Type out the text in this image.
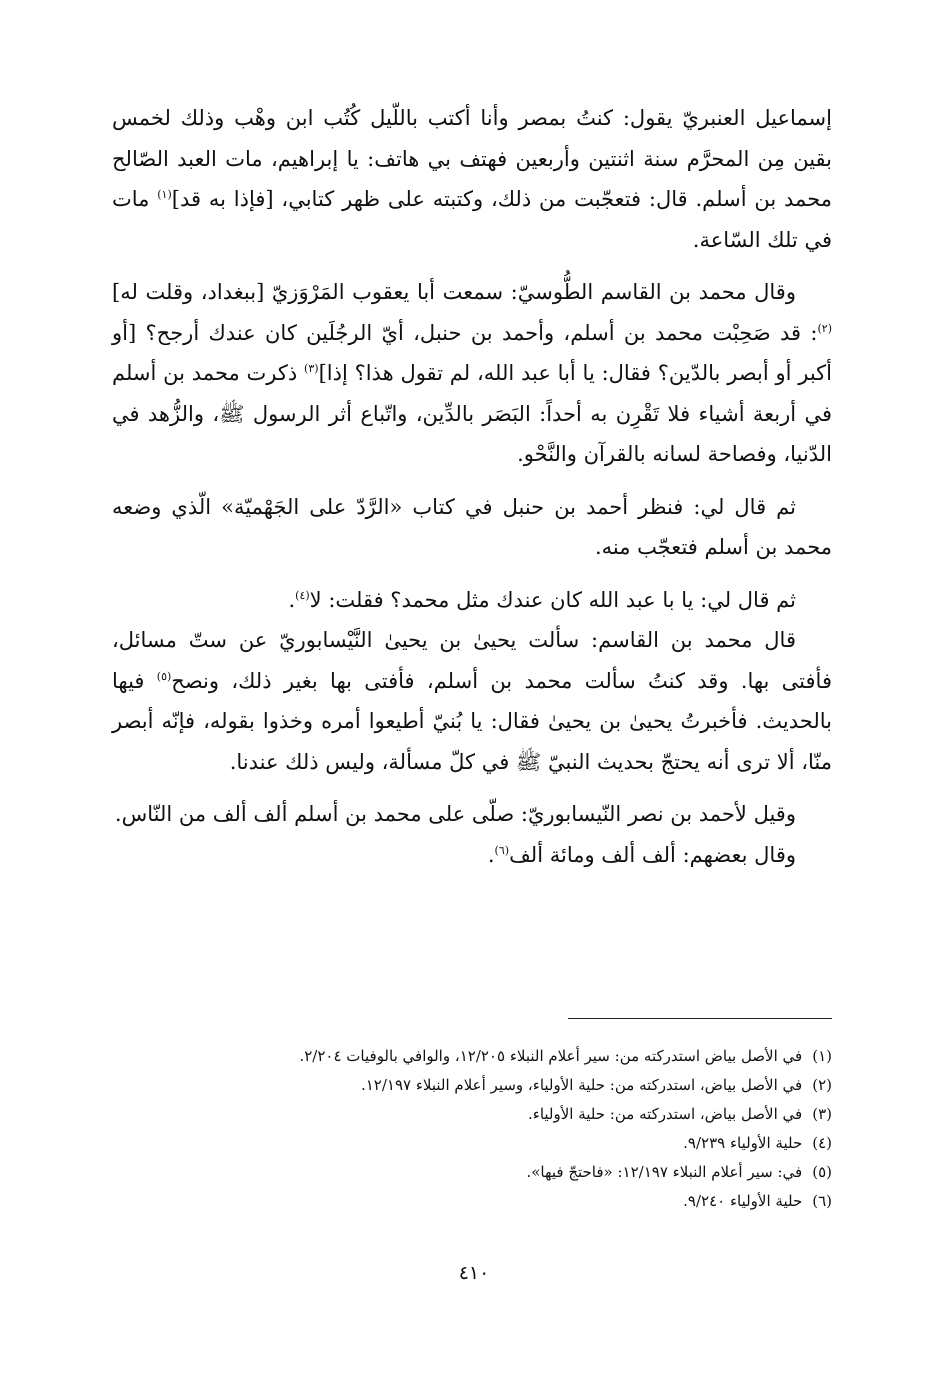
إسماعيل العنبريّ يقول: كنتُ بمصر وأنا أكتب باللّيل كُتُب ابن وهْب وذلك لخمس بقين مِن المحرَّم سنة اثنتين وأربعين فهتف بي هاتف: يا إبراهيم، مات العبد الصّالح محمد بن أسلم. قال: فتعجّبت من ذلك، وكتبته على ظهر كتابي، [فإذا به قد]$^{(١)}$ مات في تلك السّاعة.

وقال محمد بن القاسم الطُّوسيّ: سمعت أبا يعقوب المَرْوَزيّ [ببغداد، وقلت له]$^{(٢)}$: قد صَحِبْت محمد بن أسلم، وأحمد بن حنبل، أيّ الرجُلَين كان عندك أرجح؟ [أو أكبر أو أبصر بالدّين؟ فقال: يا أبا عبد الله، لم تقول هذا؟ إذا]$^{(٣)}$ ذكرت محمد بن أسلم في أربعة أشياء فلا تَقْرِن به أحداً: البَصَر بالدِّين، واتّباع أثر الرسول ﷺ، والزُّهد في الدّنيا، وفصاحة لسانه بالقرآن والنَّحْو.

ثم قال لي: فنظر أحمد بن حنبل في كتاب «الرَّدّ على الجَهْميّة» الّذي وضعه محمد بن أسلم فتعجّب منه.

ثم قال لي: يا با عبد الله كان عندك مثل محمد؟ فقلت: لا$^{(٤)}$.

قال محمد بن القاسم: سألت يحيىٰ بن يحيىٰ النَّيْسابوريّ عن ستّ مسائل، فأفتى بها. وقد كنتُ سألت محمد بن أسلم، فأفتى بها بغير ذلك، ونصح$^{(٥)}$ فيها بالحديث. فأخبرتُ يحيىٰ بن يحيىٰ فقال: يا بُنيّ أطيعوا أمره وخذوا بقوله، فإنّه أبصر منّا، ألا ترى أنه يحتجّ بحديث النبيّ ﷺ في كلّ مسألة، وليس ذلك عندنا.

وقيل لأحمد بن نصر النّيسابوريّ: صلّى على محمد بن أسلم ألف ألف من النّاس.

وقال بعضهم: ألف ألف ومائة ألف$^{(٦)}$.

(١)في الأصل بياض استدركته من: سير أعلام النبلاء ١٢/٢٠٥، والوافي بالوفيات ٢/٢٠٤.
(٢)في الأصل بياض، استدركته من: حلية الأولياء، وسير أعلام النبلاء ١٢/١٩٧.
(٣)في الأصل بياض، استدركته من: حلية الأولياء.
(٤)حلية الأولياء ٩/٢٣٩.
(٥)في: سير أعلام النبلاء ١٢/١٩٧: «فاحتجّ فيها».
(٦)حلية الأولياء ٩/٢٤٠.
٤١٠
